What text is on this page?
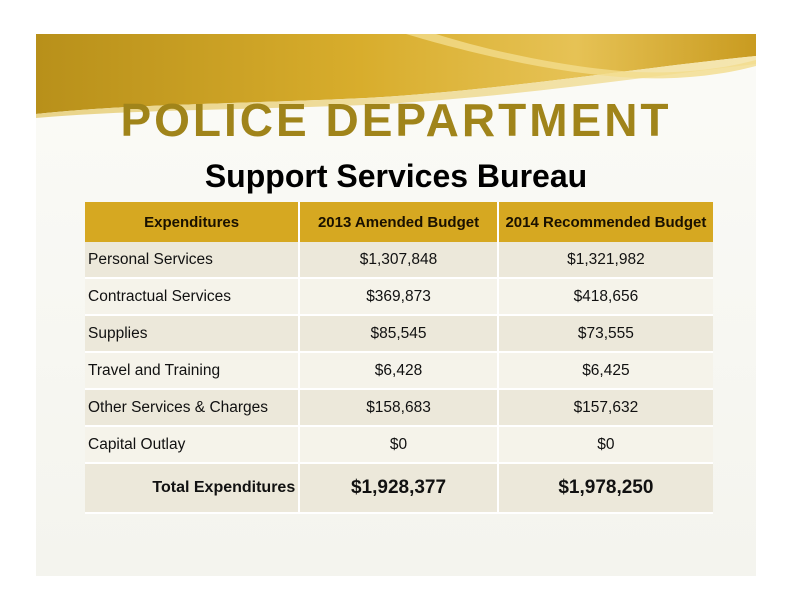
POLICE DEPARTMENT
Support Services Bureau
Expenditures	2013 Amended Budget	2014 Recommended Budget
Personal Services	$1,307,848	$1,321,982
Contractual Services	$369,873	$418,656
Supplies	$85,545	$73,555
Travel and Training	$6,428	$6,425
Other Services & Charges	$158,683	$157,632
Capital Outlay	$0	$0
Total Expenditures	$1,928,377	$1,978,250
